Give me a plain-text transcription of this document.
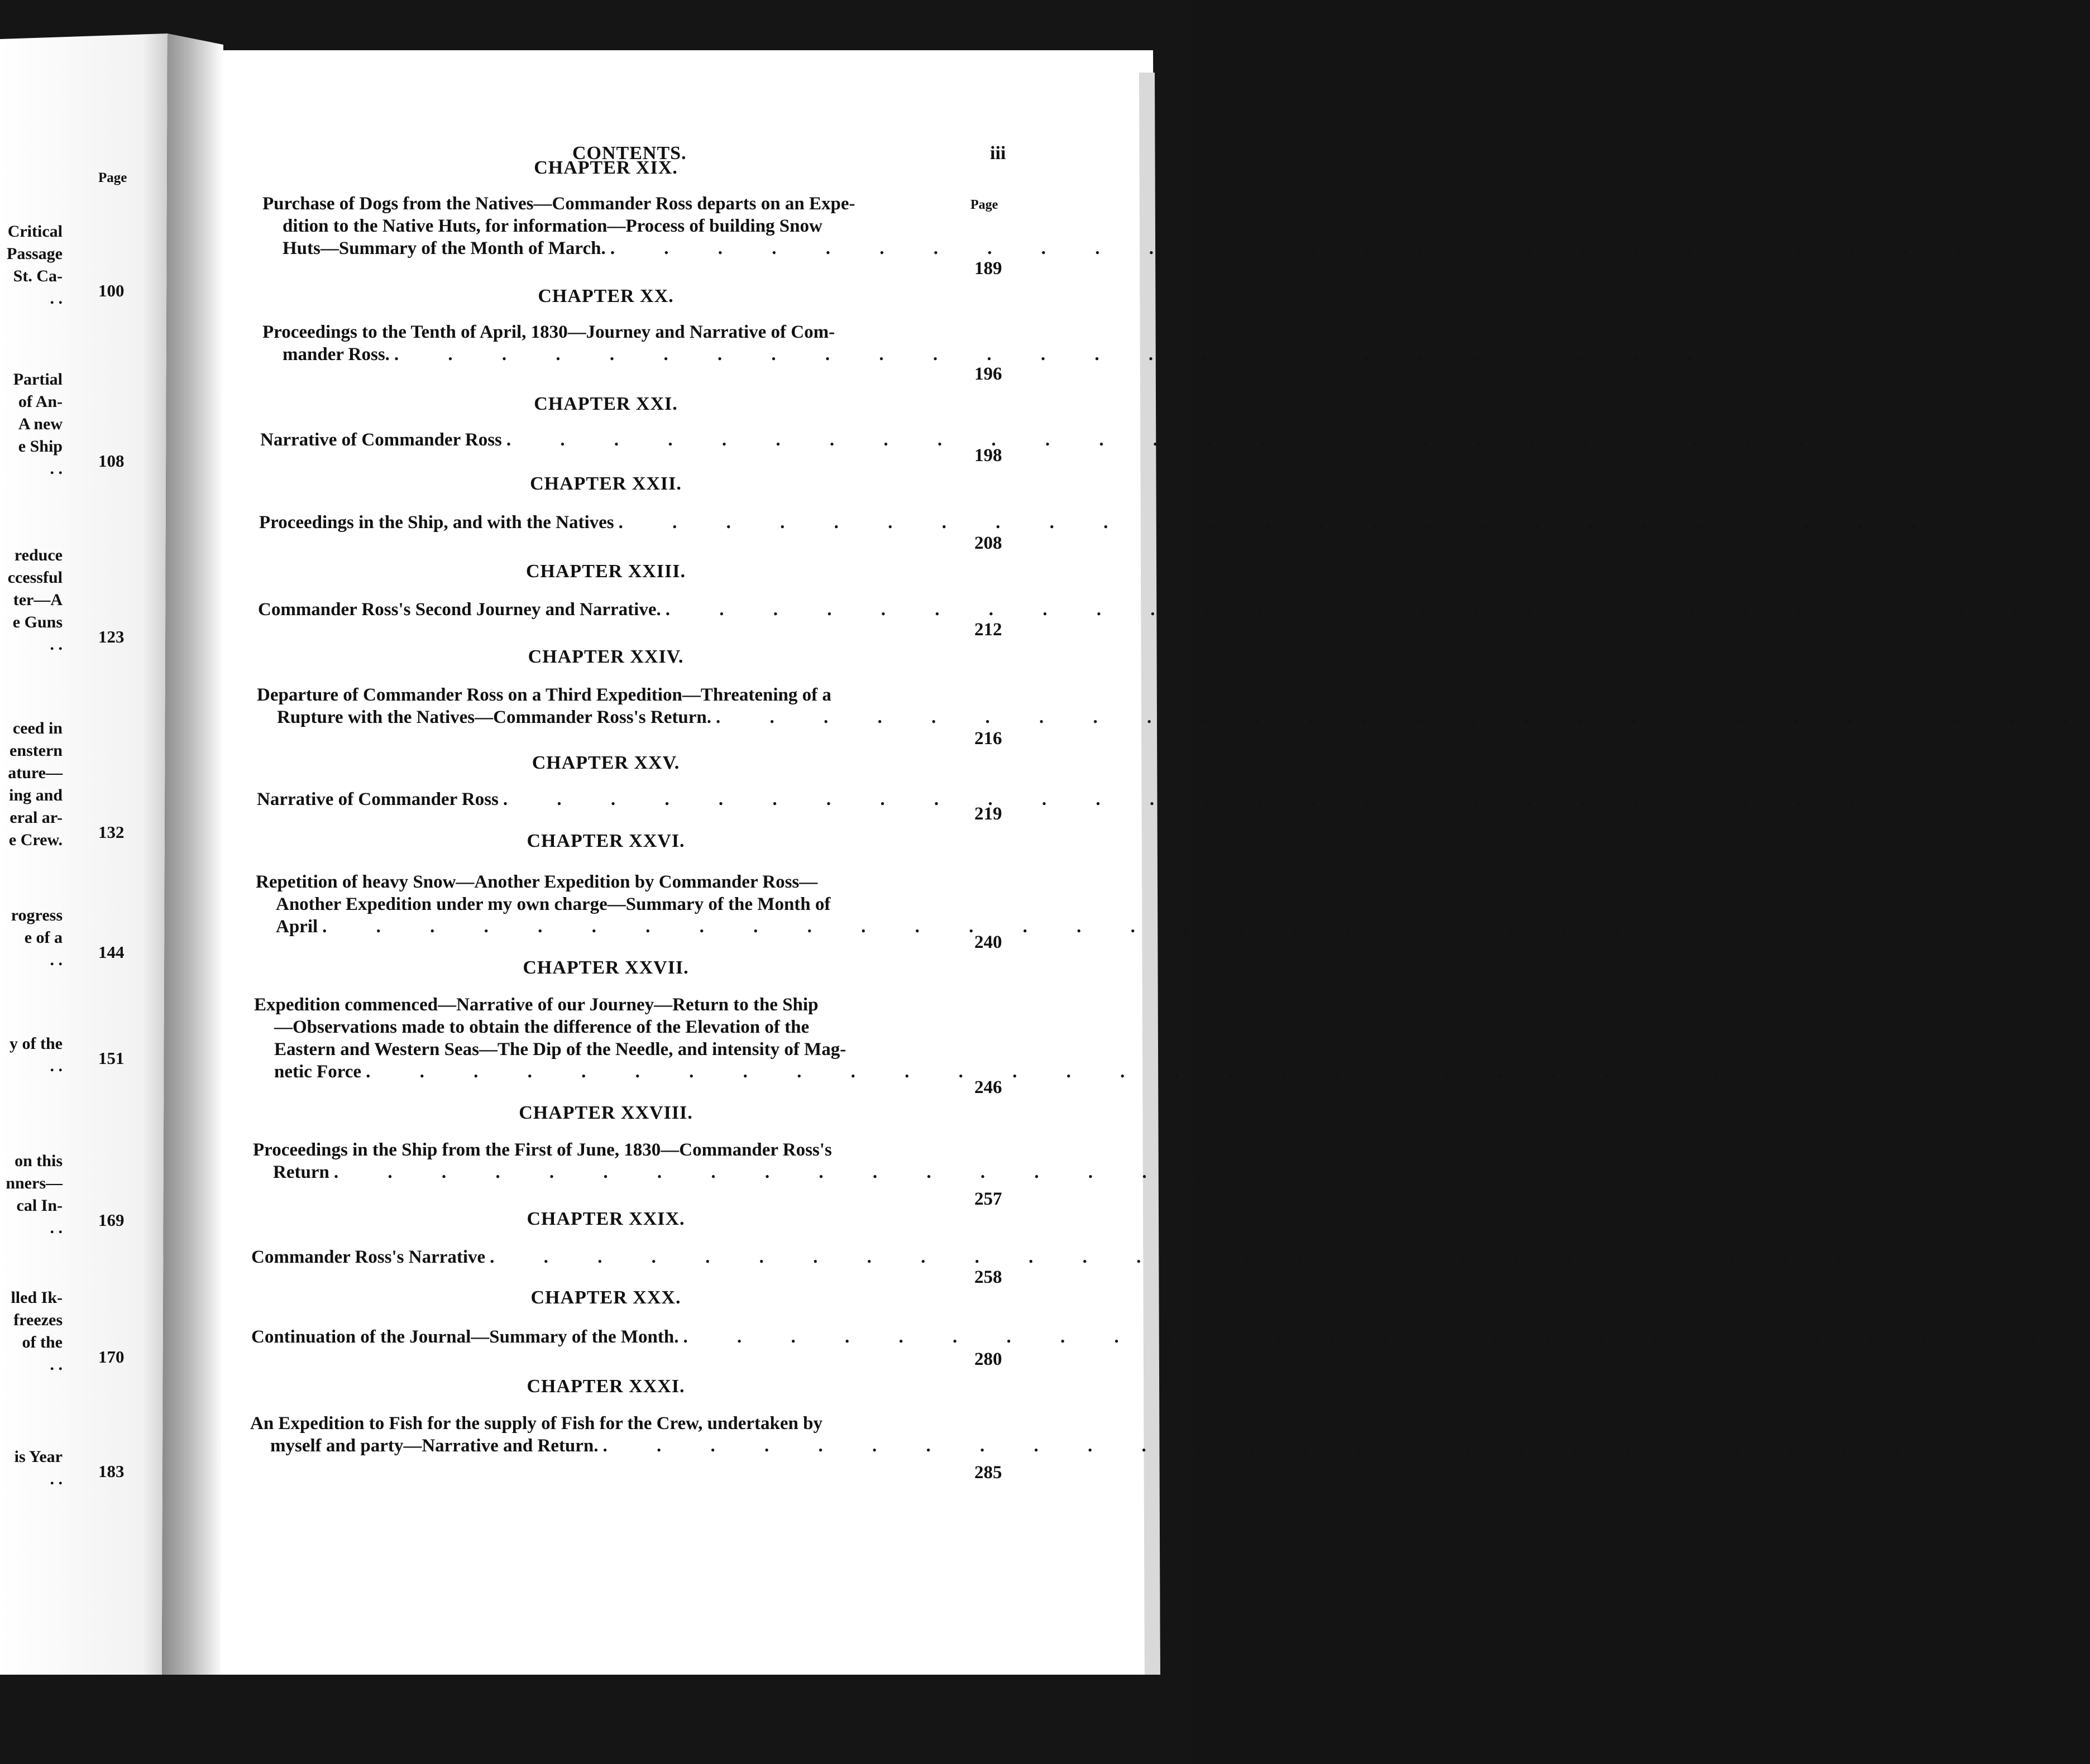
Page
Critical
Passage
St. Ca-
. . 100
Partial
of An-
A new
e Ship
. . 108
reduce
ccessful
ter—A
e Guns
. . 123
ceed in
enstern
ature—
ing and
eral ar-
e Crew. 132
rogress
e of a
. . 144
y of the
. . 151
on this
nners—
cal In-
. . 169
lled Ik-
freezes
of the
. . 170
is Year
. . 183
CONTENTS.	iii
Page
CHAPTER XIX.
Purchase of Dogs from the Natives—Commander Ross departs on an Expe-
dition to the Native Huts, for information—Process of building Snow
Huts—Summary of the Month of March. . . . . . . . . . . . . . . . . . . . . . . . . . .
189
CHAPTER XX.
Proceedings to the Tenth of April, 1830—Journey and Narrative of Com-
mander Ross. . . . . . . . . . . . . . . . . . . . . . . . . . .
196
CHAPTER XXI.
Narrative of Commander Ross . . . . . . . . . . . . . . . . . . . . . . . . . .
198
CHAPTER XXII.
Proceedings in the Ship, and with the Natives . . . . . . . . . . . . . . . . . . . . . . . . . .
208
CHAPTER XXIII.
Commander Ross's Second Journey and Narrative. . . . . . . . . . . . . . . . . . . . . . . . . . .
212
CHAPTER XXIV.
Departure of Commander Ross on a Third Expedition—Threatening of a
Rupture with the Natives—Commander Ross's Return. . . . . . . . . . . . . . . . . . . . . . . . . . .
216
CHAPTER XXV.
Narrative of Commander Ross . . . . . . . . . . . . . . . . . . . . . . . . . .
219
CHAPTER XXVI.
Repetition of heavy Snow—Another Expedition by Commander Ross—
Another Expedition under my own charge—Summary of the Month of
April . . . . . . . . . . . . . . . . . . . . . . . . . .
240
CHAPTER XXVII.
Expedition commenced—Narrative of our Journey—Return to the Ship
—Observations made to obtain the difference of the Elevation of the
Eastern and Western Seas—The Dip of the Needle, and intensity of Mag-
netic Force . . . . . . . . . . . . . . . . . . . . . . . . . .
246
CHAPTER XXVIII.
Proceedings in the Ship from the First of June, 1830—Commander Ross's
Return . . . . . . . . . . . . . . . . . . . . . . . . . .
257
CHAPTER XXIX.
Commander Ross's Narrative . . . . . . . . . . . . . . . . . . . . . . . . . .
258
CHAPTER XXX.
Continuation of the Journal—Summary of the Month. . . . . . . . . . . . . . . . . . . . . . . . . . .
280
CHAPTER XXXI.
An Expedition to Fish for the supply of Fish for the Crew, undertaken by
myself and party—Narrative and Return. . . . . . . . . . . . . . . . . . . . . . . . . . .
285
